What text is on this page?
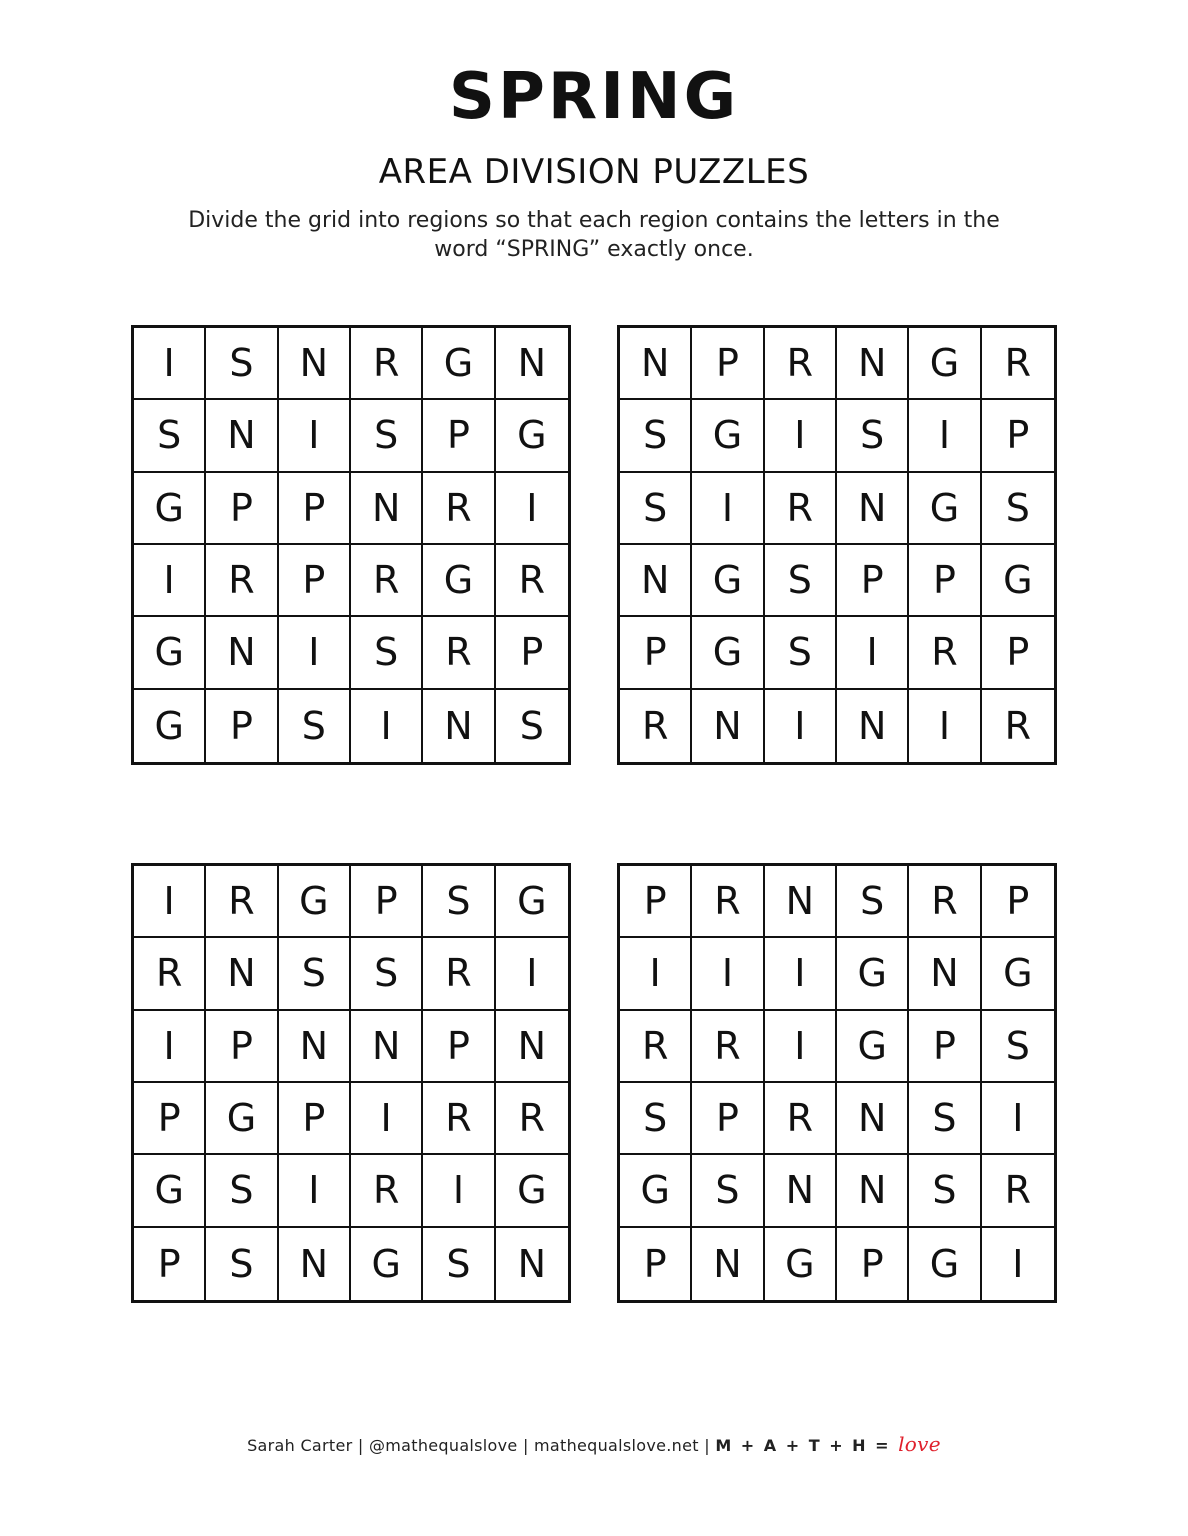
SPRING
AREA DIVISION PUZZLES
Divide the grid into regions so that each region contains the letters in the word “SPRING” exactly once.
I	S	N	R	G	N
S	N	I	S	P	G
G	P	P	N	R	I
I	R	P	R	G	R
G	N	I	S	R	P
G	P	S	I	N	S
N	P	R	N	G	R
S	G	I	S	I	P
S	I	R	N	G	S
N	G	S	P	P	G
P	G	S	I	R	P
R	N	I	N	I	R
I	R	G	P	S	G
R	N	S	S	R	I
I	P	N	N	P	N
P	G	P	I	R	R
G	S	I	R	I	G
P	S	N	G	S	N
P	R	N	S	R	P
I	I	I	G	N	G
R	R	I	G	P	S
S	P	R	N	S	I
G	S	N	N	S	R
P	N	G	P	G	I
Sarah Carter | @mathequalslove | mathequalslove.net | M + A + T + H = love
